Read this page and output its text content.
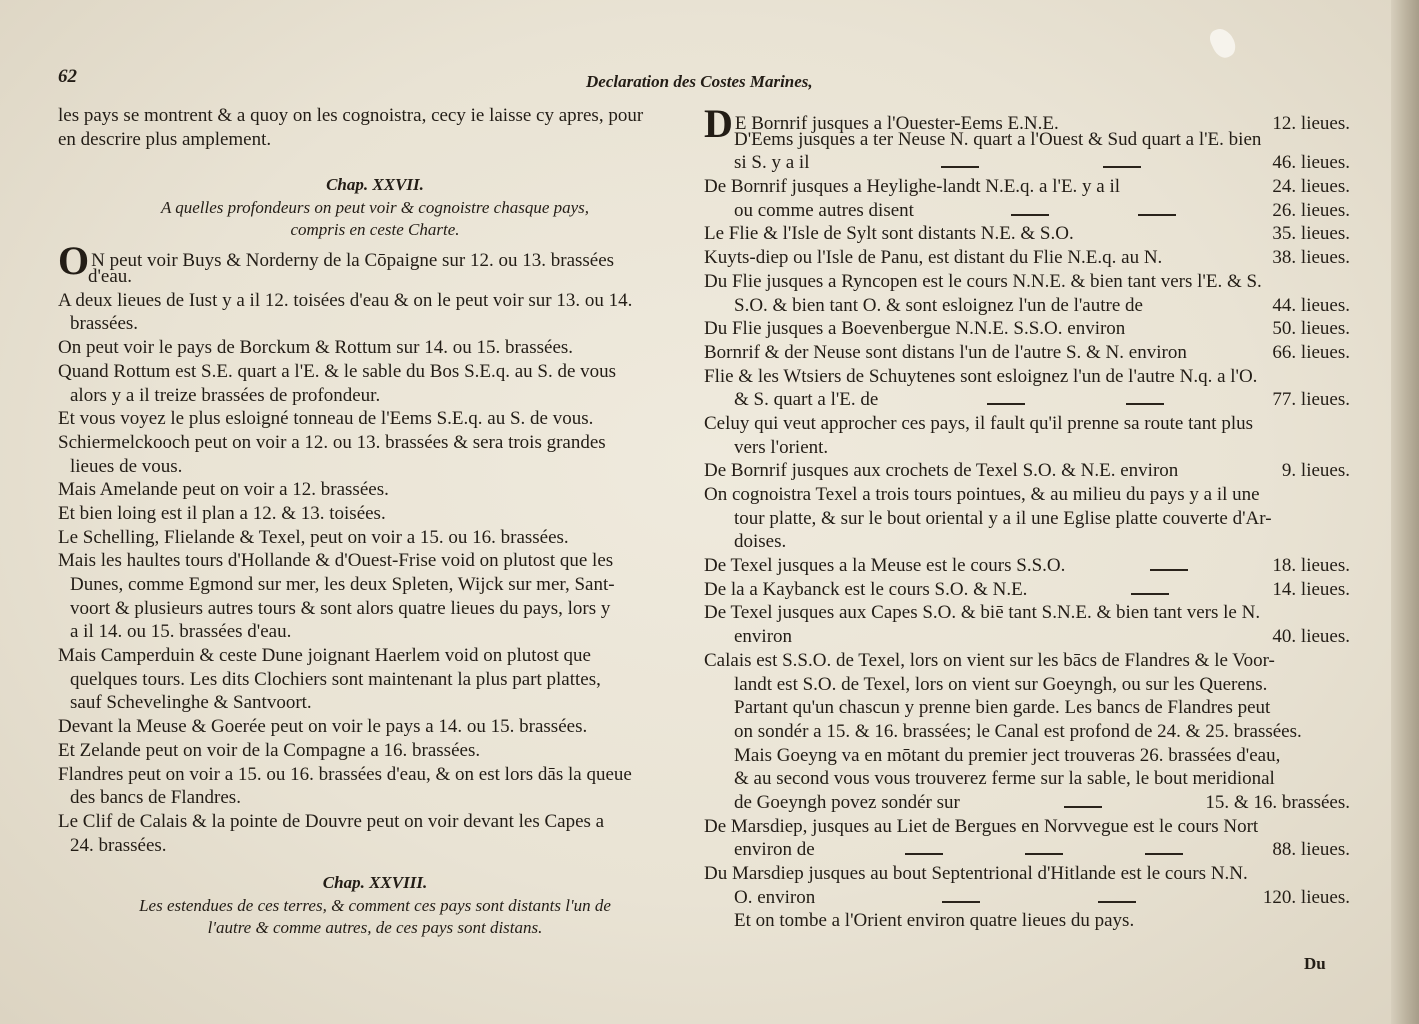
62	Declaration des Costes Marines,
les pays se montrent & a quoy on les cognoistra, cecy ie laisse cy apres, pour
en descrire plus amplement.
Chap. XXVII.
A quelles profondeurs on peut voir & cognoistre chasque pays,
compris en ceste Charte.
O N peut voir Buys & Norderny de la Cōpaigne sur 12. ou 13. brassées
d'eau.
A deux lieues de Iust y a il 12. toisées d'eau & on le peut voir sur 13. ou 14.
brassées.
On peut voir le pays de Borckum & Rottum sur 14. ou 15. brassées.
Quand Rottum est S.E. quart a l'E. & le sable du Bos S.E.q. au S. de vous
alors y a il treize brassées de profondeur.
Et vous voyez le plus esloigné tonneau de l'Eems S.E.q. au S. de vous.
Schiermelckooch peut on voir a 12. ou 13. brassées & sera trois grandes
lieues de vous.
Mais Amelande peut on voir a 12. brassées.
Et bien loing est il plan a 12. & 13. toisées.
Le Schelling, Flielande & Texel, peut on voir a 15. ou 16. brassées.
Mais les haultes tours d'Hollande & d'Ouest-Frise void on plutost que les
Dunes, comme Egmond sur mer, les deux Spleten, Wijck sur mer, Sant-
voort & plusieurs autres tours & sont alors quatre lieues du pays, lors y
a il 14. ou 15. brassées d'eau.
Mais Camperduin & ceste Dune joignant Haerlem void on plutost que
quelques tours. Les dits Clochiers sont maintenant la plus part plattes,
sauf Schevelinghe & Santvoort.
Devant la Meuse & Goerée peut on voir le pays a 14. ou 15. brassées.
Et Zelande peut on voir de la Compagne a 16. brassées.
Flandres peut on voir a 15. ou 16. brassées d'eau, & on est lors dās la queue
des bancs de Flandres.
Le Clif de Calais & la pointe de Douvre peut on voir devant les Capes a
24. brassées.
Chap. XXVIII.
Les estendues de ces terres, & comment ces pays sont distants l'un de
l'autre & comme autres, de ces pays sont distans.
D E Bornrif jusques a l'Ouester-Eems E.N.E.	12. lieues.
D'Eems jusques a ter Neuse N. quart a l'Ouest & Sud quart a l'E. bien
si S. y a il	46. lieues.
De Bornrif jusques a Heylighe-landt N.E.q. a l'E. y a il	24. lieues.
ou comme autres disent	26. lieues.
Le Flie & l'Isle de Sylt sont distants N.E. & S.O.	35. lieues.
Kuyts-diep ou l'Isle de Panu, est distant du Flie N.E.q. au N.	38. lieues.
Du Flie jusques a Ryncopen est le cours N.N.E. & bien tant vers l'E. & S.
S.O. & bien tant O. & sont esloignez l'un de l'autre de	44. lieues.
Du Flie jusques a Boevenbergue N.N.E. S.S.O. environ	50. lieues.
Bornrif & der Neuse sont distans l'un de l'autre S. & N. environ	66. lieues.
Flie & les Wtsiers de Schuytenes sont esloignez l'un de l'autre N.q. a l'O.
& S. quart a l'E. de	77. lieues.
Celuy qui veut approcher ces pays, il fault qu'il prenne sa route tant plus
vers l'orient.
De Bornrif jusques aux crochets de Texel S.O. & N.E. environ	9. lieues.
On cognoistra Texel a trois tours pointues, & au milieu du pays y a il une
tour platte, & sur le bout oriental y a il une Eglise platte couverte d'Ar-
doises.
De Texel jusques a la Meuse est le cours S.S.O.	18. lieues.
De la a Kaybanck est le cours S.O. & N.E.	14. lieues.
De Texel jusques aux Capes S.O. & biē tant S.N.E. & bien tant vers le N.
environ	40. lieues.
Calais est S.S.O. de Texel, lors on vient sur les bācs de Flandres & le Voor-
landt est S.O. de Texel, lors on vient sur Goeyngh, ou sur les Querens.
Partant qu'un chascun y prenne bien garde. Les bancs de Flandres peut
on sondér a 15. & 16. brassées; le Canal est profond de 24. & 25. brassées.
Mais Goeyng va en mōtant du premier ject trouveras 26. brassées d'eau,
& au second vous vous trouverez ferme sur la sable, le bout meridional
de Goeyngh povez sondér sur	15. & 16. brassées.
De Marsdiep, jusques au Liet de Bergues en Norvvegue est le cours Nort
environ de	88. lieues.
Du Marsdiep jusques au bout Septentrional d'Hitlande est le cours N.N.
O. environ	120. lieues.
Et on tombe a l'Orient environ quatre lieues du pays.
Du
